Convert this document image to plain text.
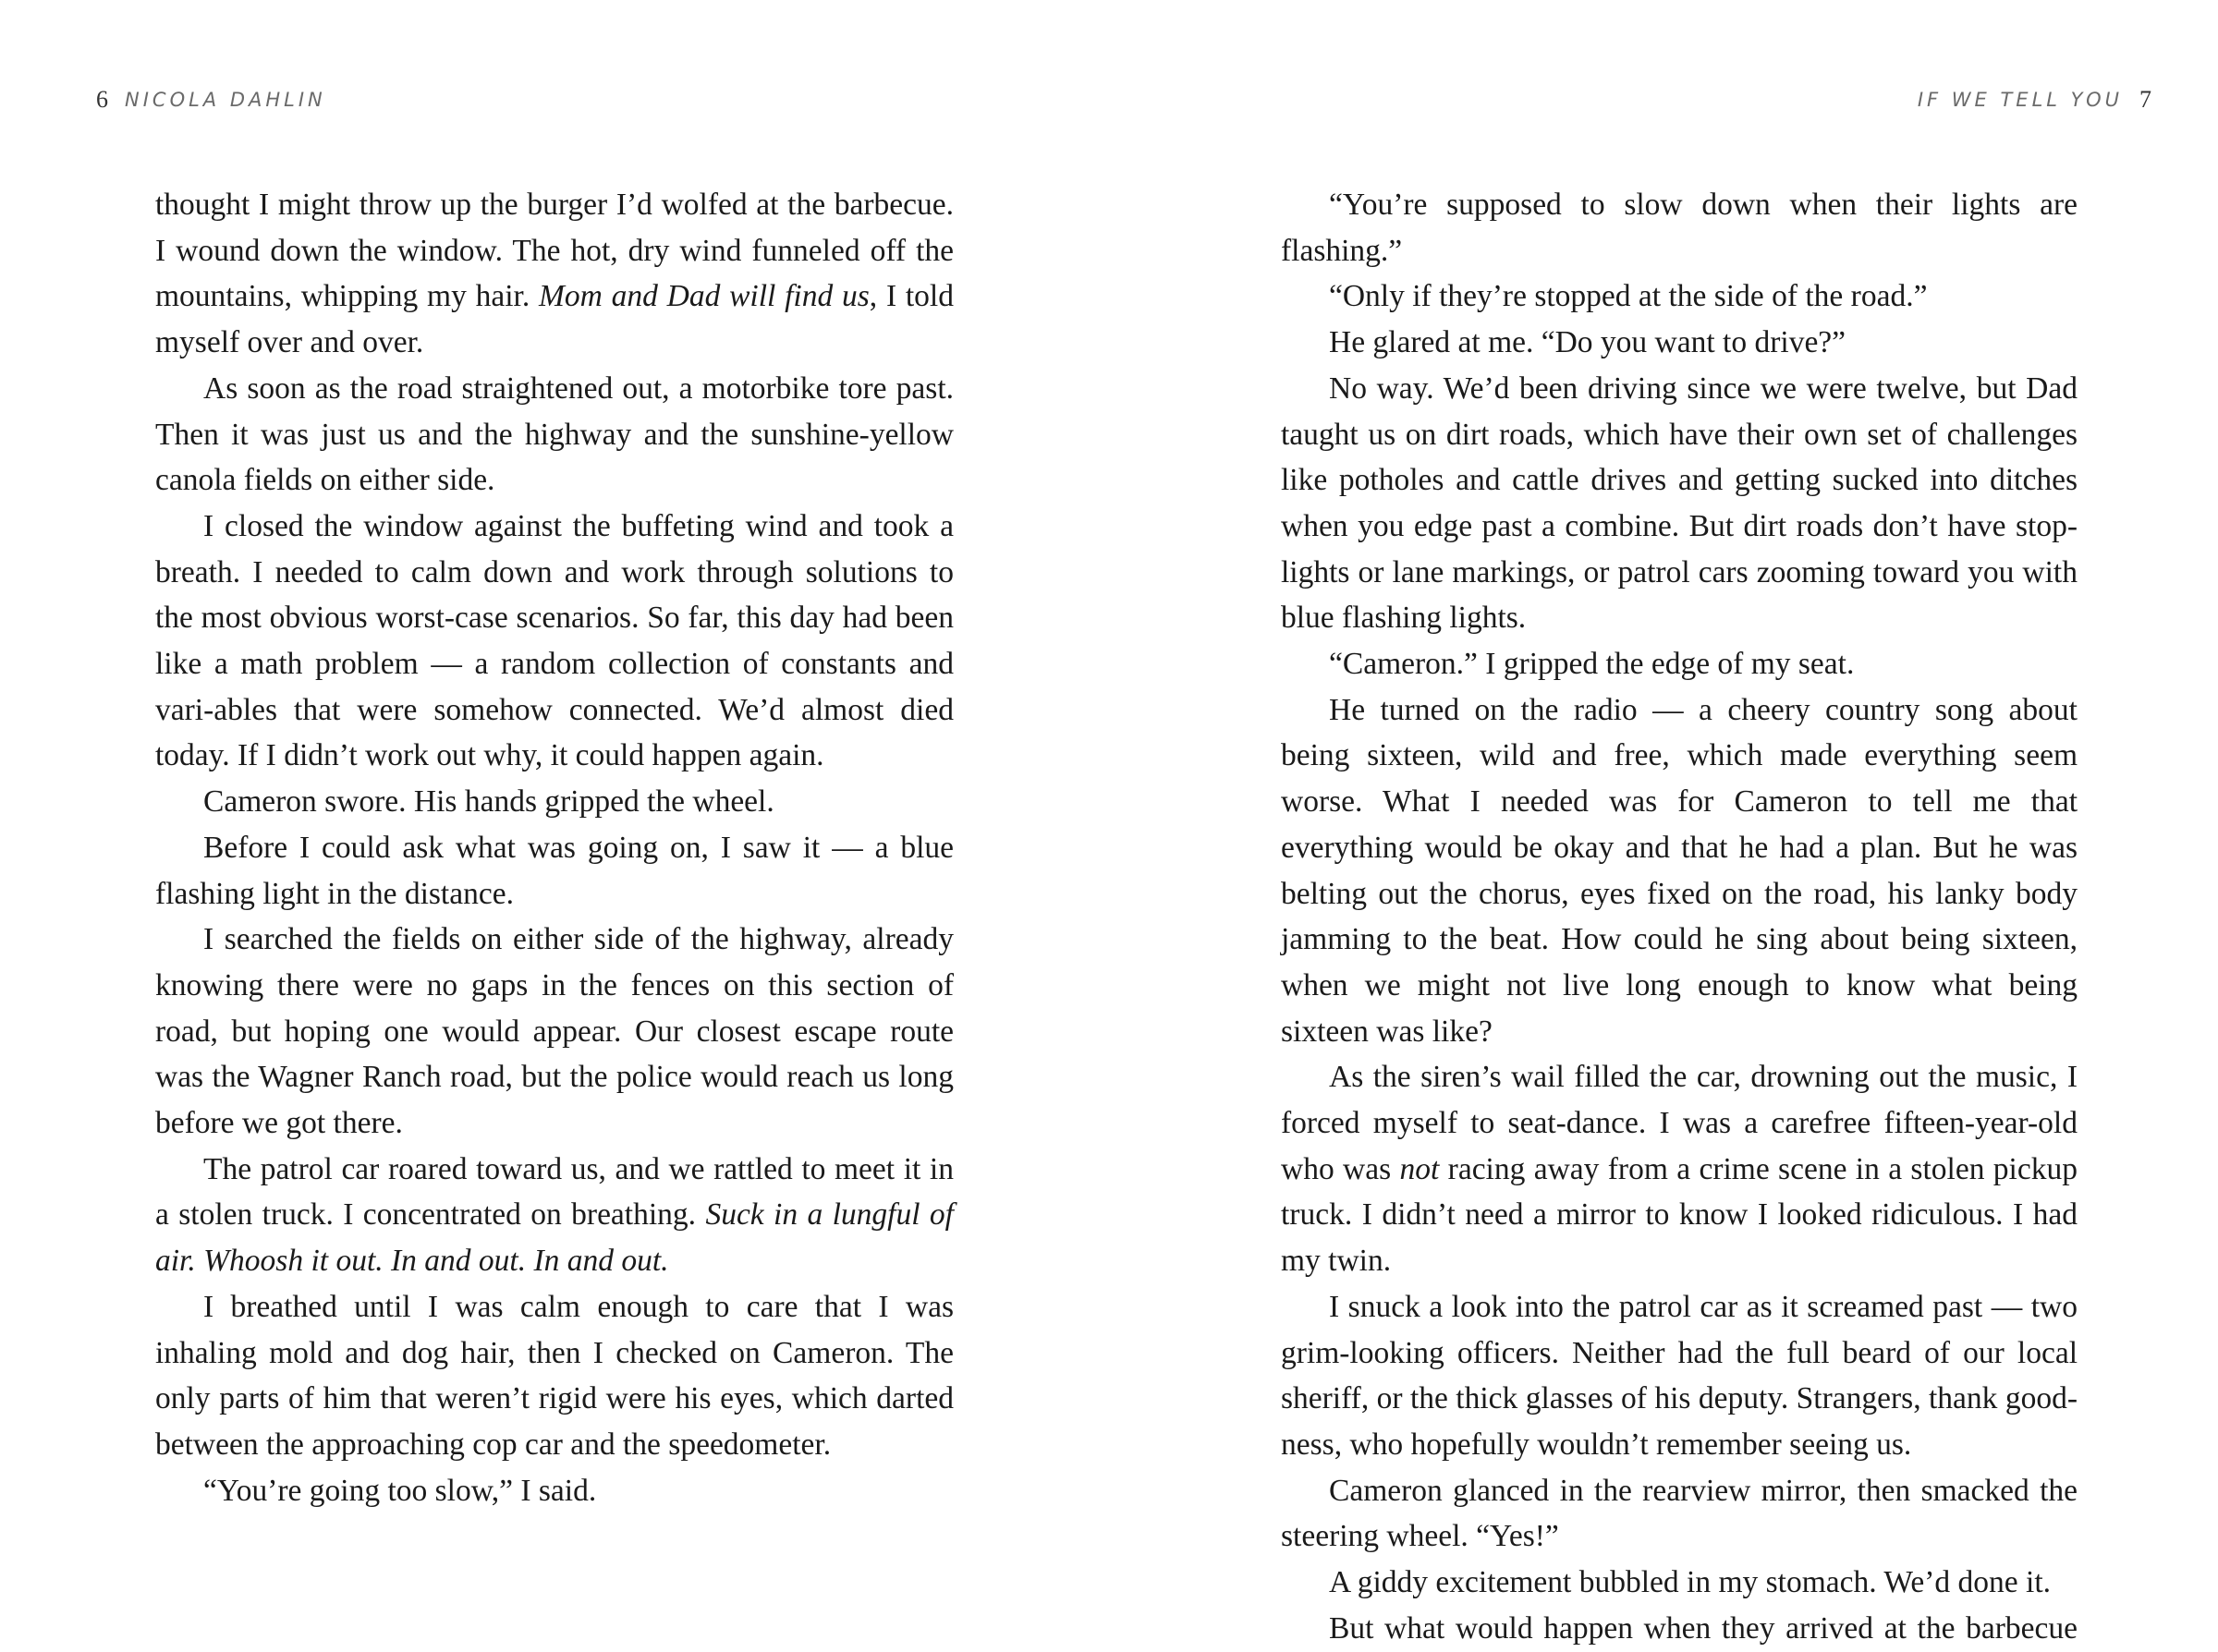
6 NICOLA DAHLIN

thought I might throw up the burger I’d wolfed at the barbecue. I wound down the window. The hot, dry wind funneled off the mountains, whipping my hair. Mom and Dad will find us, I told myself over and over.

As soon as the road straightened out, a motorbike tore past. Then it was just us and the highway and the sunshine-yellow canola fields on either side.

I closed the window against the buffeting wind and took a breath. I needed to calm down and work through solutions to the most obvious worst-case scenarios. So far, this day had been like a math problem — a random collection of constants and vari-ables that were somehow connected. We’d almost died today. If I didn’t work out why, it could happen again.

Cameron swore. His hands gripped the wheel.

Before I could ask what was going on, I saw it — a blue flashing light in the distance.

I searched the fields on either side of the highway, already knowing there were no gaps in the fences on this section of road, but hoping one would appear. Our closest escape route was the Wagner Ranch road, but the police would reach us long before we got there.

The patrol car roared toward us, and we rattled to meet it in a stolen truck. I concentrated on breathing. Suck in a lungful of air. Whoosh it out. In and out. In and out.

I breathed until I was calm enough to care that I was inhaling mold and dog hair, then I checked on Cameron. The only parts of him that weren’t rigid were his eyes, which darted between the approaching cop car and the speedometer.

“You’re going too slow,” I said.

IF WE TELL YOU 7

“You’re supposed to slow down when their lights are flashing.”

“Only if they’re stopped at the side of the road.”

He glared at me. “Do you want to drive?”

No way. We’d been driving since we were twelve, but Dad taught us on dirt roads, which have their own set of challenges like potholes and cattle drives and getting sucked into ditches when you edge past a combine. But dirt roads don’t have stop-lights or lane markings, or patrol cars zooming toward you with blue flashing lights.

“Cameron.” I gripped the edge of my seat.

He turned on the radio — a cheery country song about being sixteen, wild and free, which made everything seem worse. What I needed was for Cameron to tell me that everything would be okay and that he had a plan. But he was belting out the chorus, eyes fixed on the road, his lanky body jamming to the beat. How could he sing about being sixteen, when we might not live long enough to know what being sixteen was like?

As the siren’s wail filled the car, drowning out the music, I forced myself to seat-dance. I was a carefree fifteen-year-old who was not racing away from a crime scene in a stolen pickup truck. I didn’t need a mirror to know I looked ridiculous. I had my twin.

I snuck a look into the patrol car as it screamed past — two grim-looking officers. Neither had the full beard of our local sheriff, or the thick glasses of his deputy. Strangers, thank good-ness, who hopefully wouldn’t remember seeing us.

Cameron glanced in the rearview mirror, then smacked the steering wheel. “Yes!”

A giddy excitement bubbled in my stomach. We’d done it.

But what would happen when they arrived at the barbecue
